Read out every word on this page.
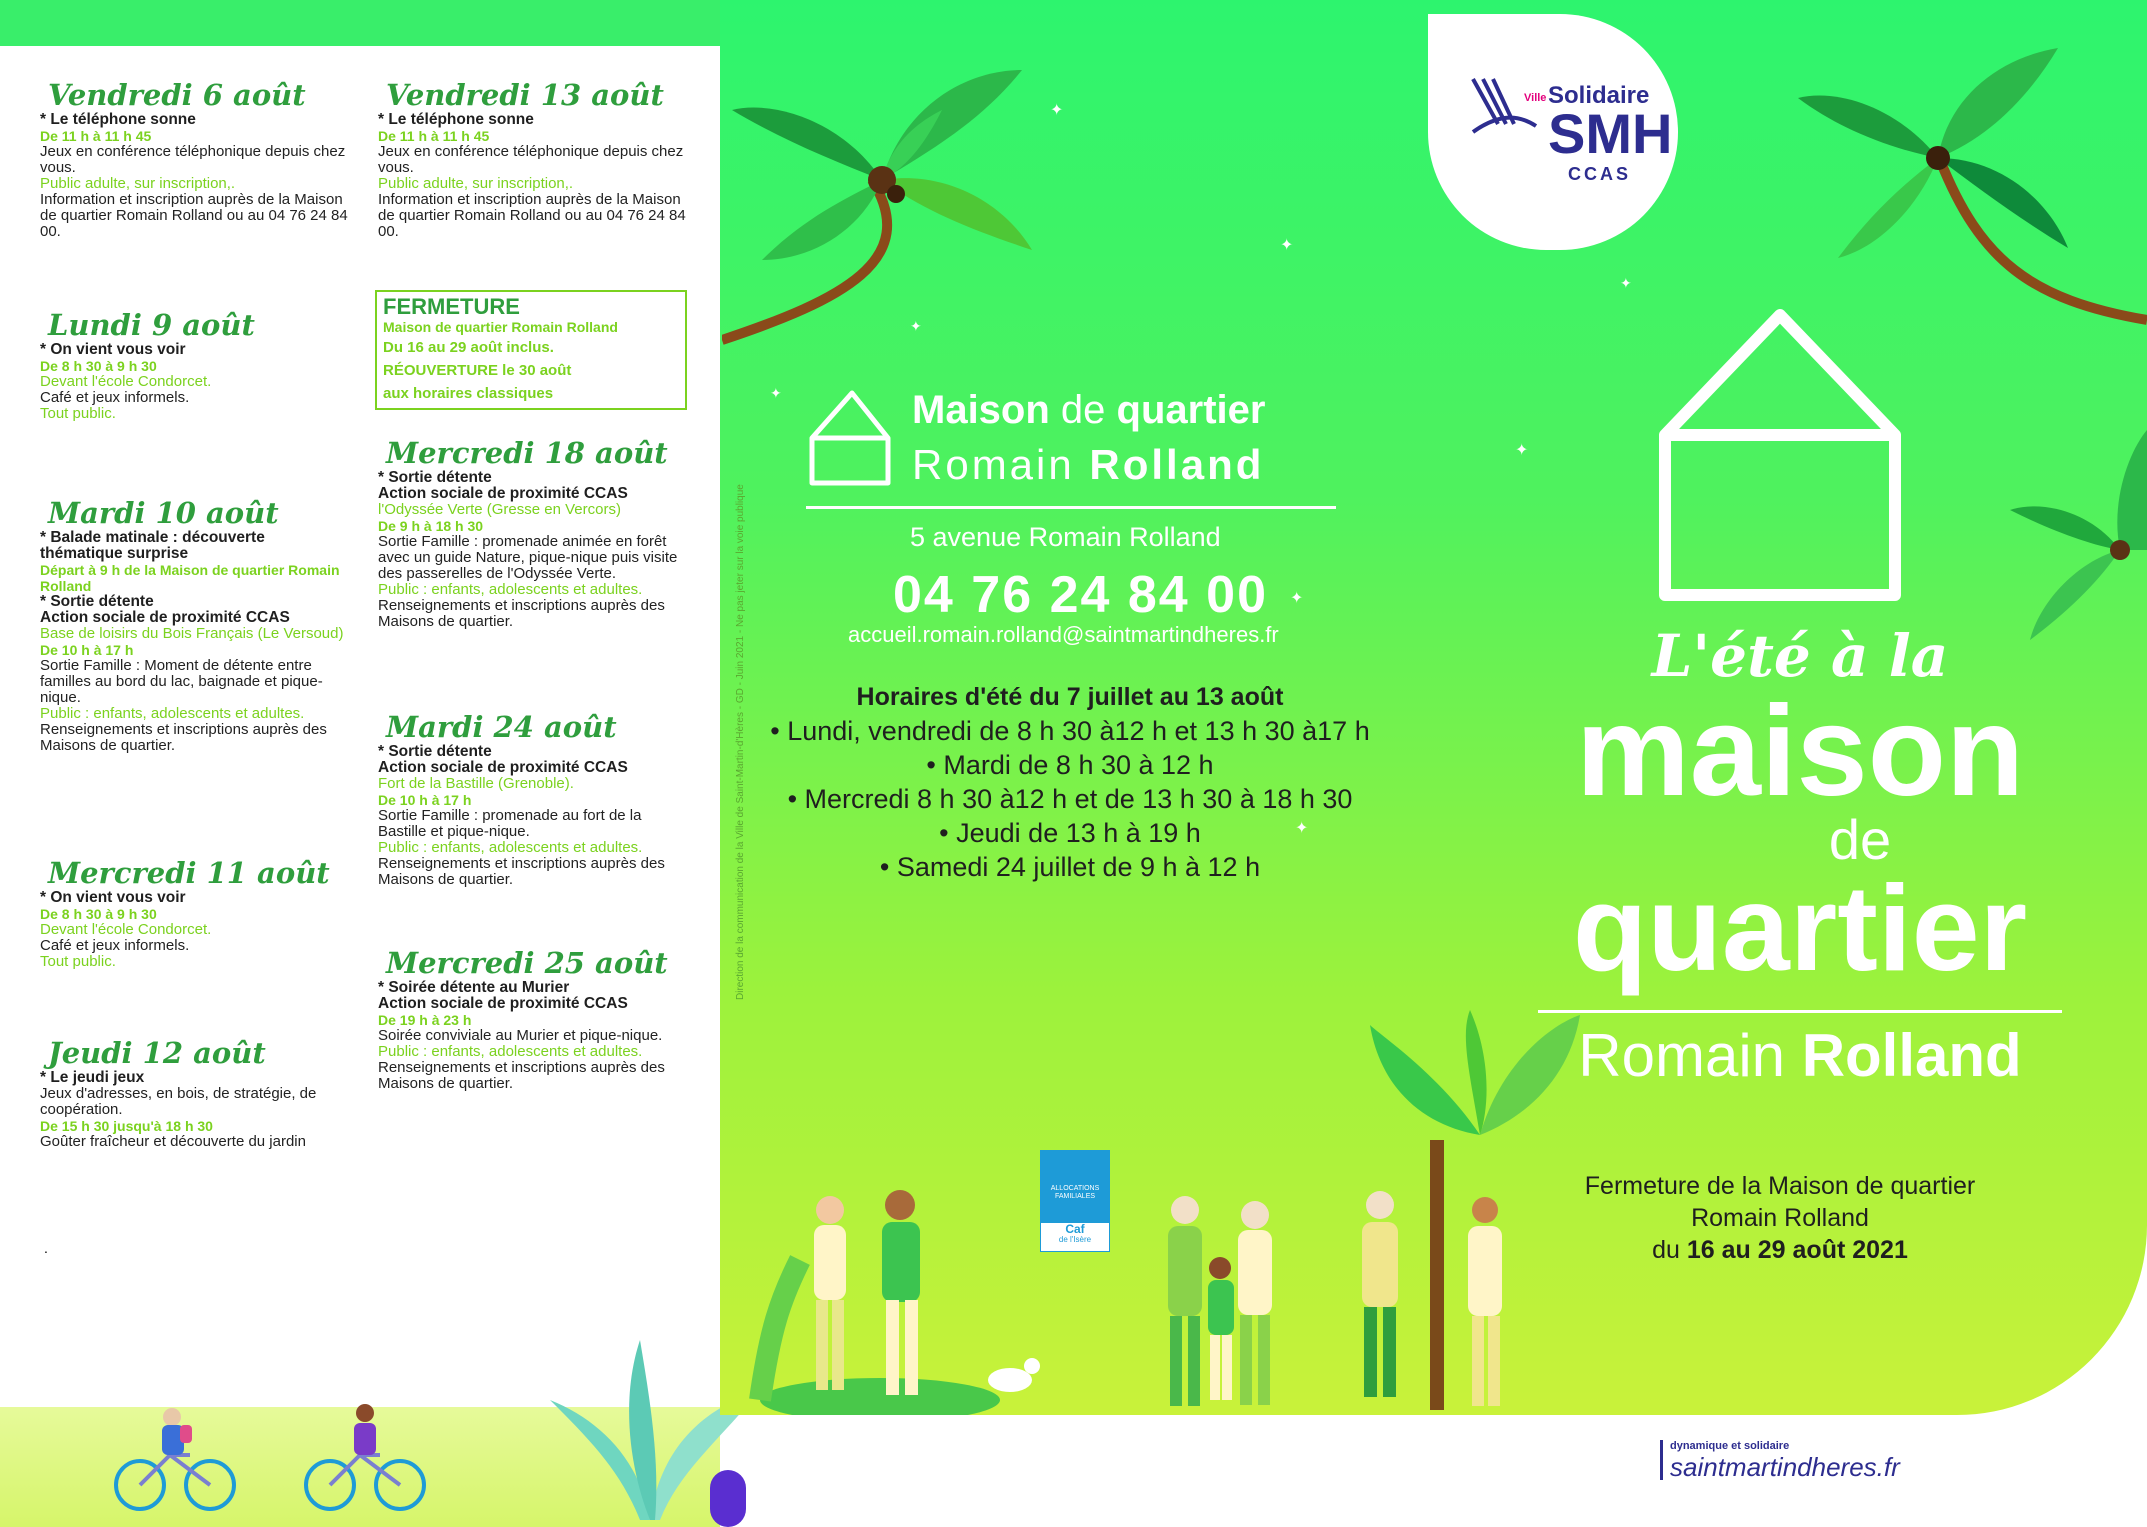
Vendredi 6 août
* Le téléphone sonne
De 11 h à 11 h 45
Jeux en conférence téléphonique depuis chez vous.
Public adulte, sur inscription,.
Information et inscription auprès de la Maison de quartier Romain Rolland ou au 04 76 24 84 00.
Lundi 9 août
* On vient vous voir
De 8 h 30 à 9 h 30
Devant l'école Condorcet.
Café et jeux informels.
Tout public.
Mardi 10 août
* Balade matinale : découverte thématique surprise
Départ à 9 h de la Maison de quartier Romain Rolland
* Sortie détente
Action sociale de proximité CCAS
Base de loisirs du Bois Français (Le Versoud)
De 10 h à 17 h
Sortie Famille : Moment de détente entre familles au bord du lac, baignade et pique-nique.
Public : enfants, adolescents et adultes.
Renseignements et inscriptions auprès des Maisons de quartier.
Mercredi 11 août
* On vient vous voir
De 8 h 30 à 9 h 30
Devant l'école Condorcet.
Café et jeux informels.
Tout public.
Jeudi 12 août
* Le jeudi jeux
Jeux d'adresses, en bois, de stratégie, de coopération.
De 15 h 30 jusqu'à 18 h 30
Goûter fraîcheur et découverte du jardin
Vendredi 13 août
* Le téléphone sonne
De 11 h à 11 h 45
Jeux en conférence téléphonique depuis chez vous.
Public adulte, sur inscription,.
Information et inscription auprès de la Maison de quartier Romain Rolland ou au 04 76 24 84 00.
Mercredi 18 août
* Sortie détente
Action sociale de proximité CCAS
l'Odyssée Verte (Gresse en Vercors)
De 9 h à 18 h 30
Sortie Famille : promenade animée en forêt avec un guide Nature, pique-nique puis visite des passerelles de l'Odyssée Verte.
Public : enfants, adolescents et adultes.
Renseignements et inscriptions auprès des Maisons de quartier.
Mardi 24 août
* Sortie détente
Action sociale de proximité CCAS
Fort de la Bastille (Grenoble).
De 10 h à 17 h
Sortie Famille : promenade au fort de la Bastille et pique-nique.
Public : enfants, adolescents et adultes.
Renseignements et inscriptions auprès des Maisons de quartier.
Mercredi 25 août
* Soirée détente au Murier
Action sociale de proximité CCAS
De 19 h à 23 h
Soirée conviviale au Murier et pique-nique.
Public : enfants, adolescents et adultes.
Renseignements et inscriptions auprès des Maisons de quartier.
FERMETURE
Maison de quartier Romain Rolland
Du 16 au 29 août inclus.
RÉOUVERTURE le 30 août
aux horaires classiques
.
Direction de la communication de la Ville de Saint-Martin-d'Hères - GD - Juin 2021 - Ne pas jeter sur la voie publique
✦
✦
✦
✦
✦
✦
✦
✦
Ville Solidaire
SMH
CCAS
Maison de quartier
Romain Rolland
5 avenue Romain Rolland
04 76 24 84 00
accueil.romain.rolland@saintmartindheres.fr
Horaires d'été du 7 juillet au 13 août
• Lundi, vendredi de 8 h 30 à12 h et 13 h 30 à17 h
• Mardi de 8 h 30 à 12 h
• Mercredi 8 h 30 à12 h et de 13 h 30 à 18 h 30
• Jeudi de 13 h à 19 h
• Samedi 24 juillet de 9 h à 12 h
L'été à la
maison
de
quartier
Romain Rolland
Fermeture de la Maison de quartier
Romain Rolland
du 16 au 29 août 2021
ALLOCATIONS
FAMILIALES
Caf
de l'Isère
dynamique et solidaire
saintmartindheres.fr
